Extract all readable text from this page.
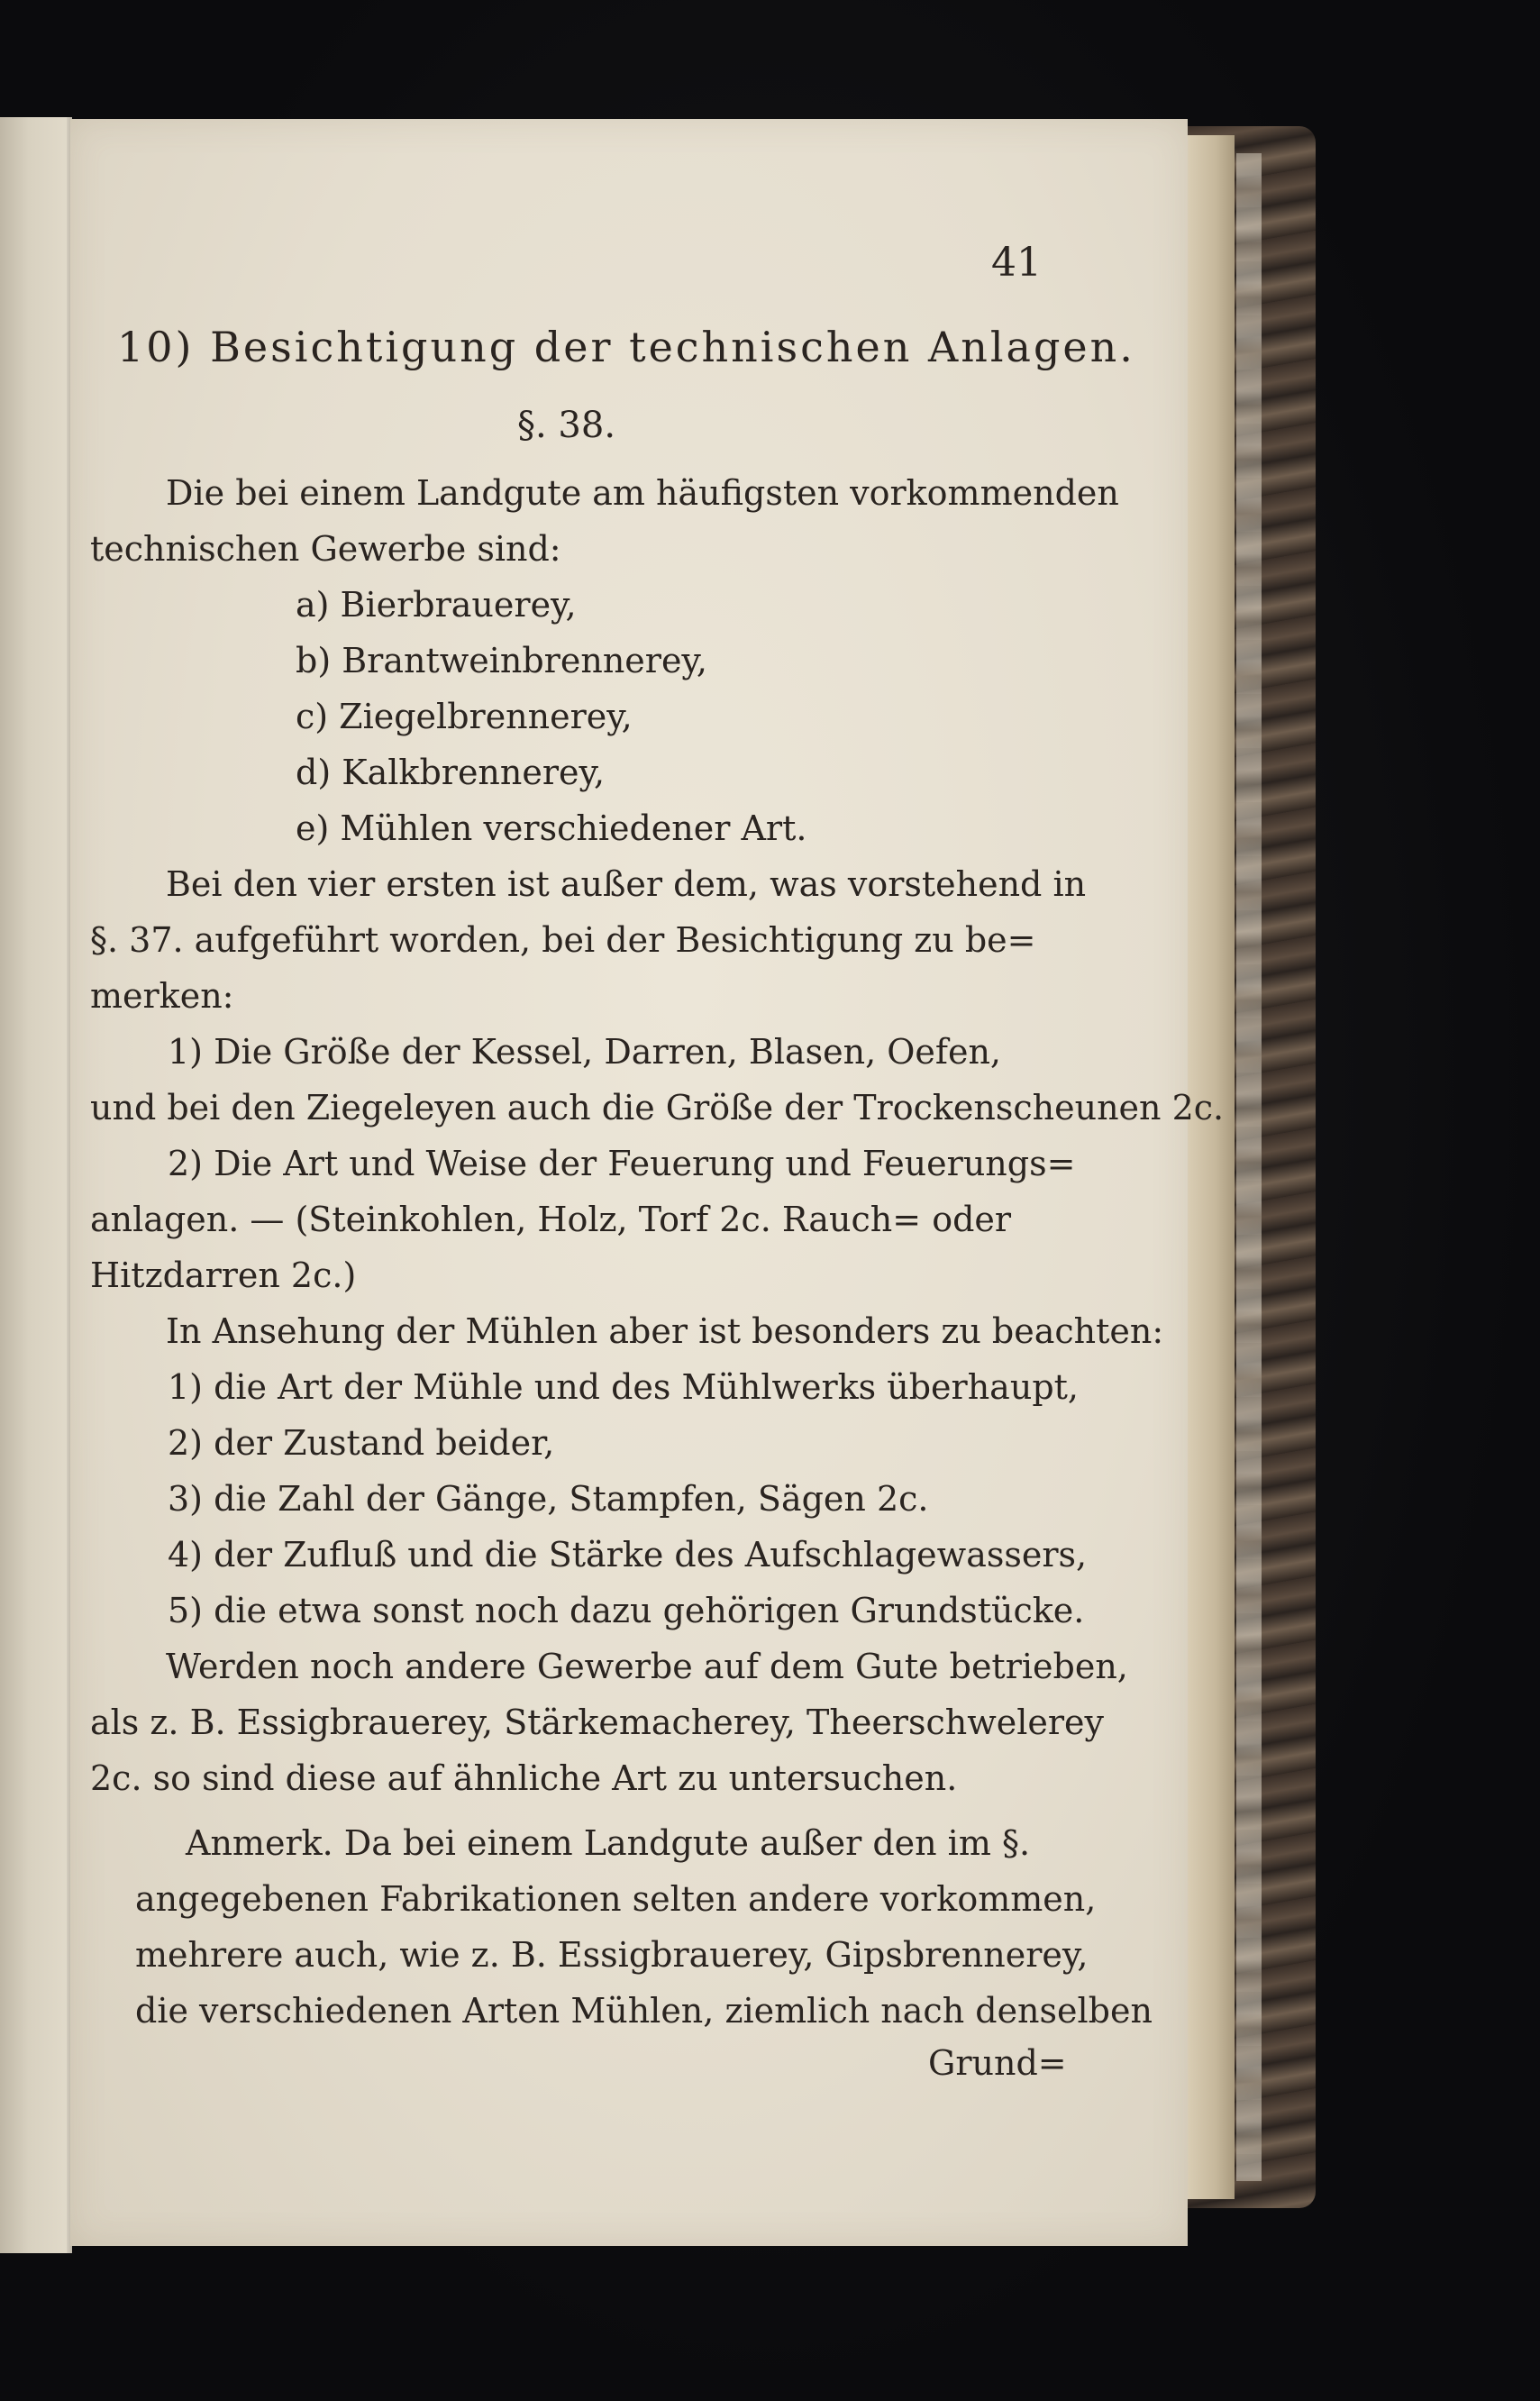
41
10) Besichtigung der technischen Anlagen.
§. 38.
Die bei einem Landgute am häufigsten vorkommenden
technischen Gewerbe sind:
a) Bierbrauerey,
b) Brantweinbrennerey,
c) Ziegelbrennerey,
d) Kalkbrennerey,
e) Mühlen verschiedener Art.
Bei den vier ersten ist außer dem, was vorstehend in
§. 37. aufgeführt worden, bei der Besichtigung zu be=
merken:
1) Die Größe der Kessel, Darren, Blasen, Oefen,
und bei den Ziegeleyen auch die Größe der Trockenscheunen 2c.
2) Die Art und Weise der Feuerung und Feuerungs=
anlagen. — (Steinkohlen, Holz, Torf 2c. Rauch= oder
Hitzdarren 2c.)
In Ansehung der Mühlen aber ist besonders zu beachten:
1) die Art der Mühle und des Mühlwerks überhaupt,
2) der Zustand beider,
3) die Zahl der Gänge, Stampfen, Sägen 2c.
4) der Zufluß und die Stärke des Aufschlagewassers,
5) die etwa sonst noch dazu gehörigen Grundstücke.
Werden noch andere Gewerbe auf dem Gute betrieben,
als z. B. Essigbrauerey, Stärkemacherey, Theerschwelerey
2c. so sind diese auf ähnliche Art zu untersuchen.
Anmerk. Da bei einem Landgute außer den im §.
angegebenen Fabrikationen selten andere vorkommen,
mehrere auch, wie z. B. Essigbrauerey, Gipsbrennerey,
die verschiedenen Arten Mühlen, ziemlich nach denselben
Grund=
